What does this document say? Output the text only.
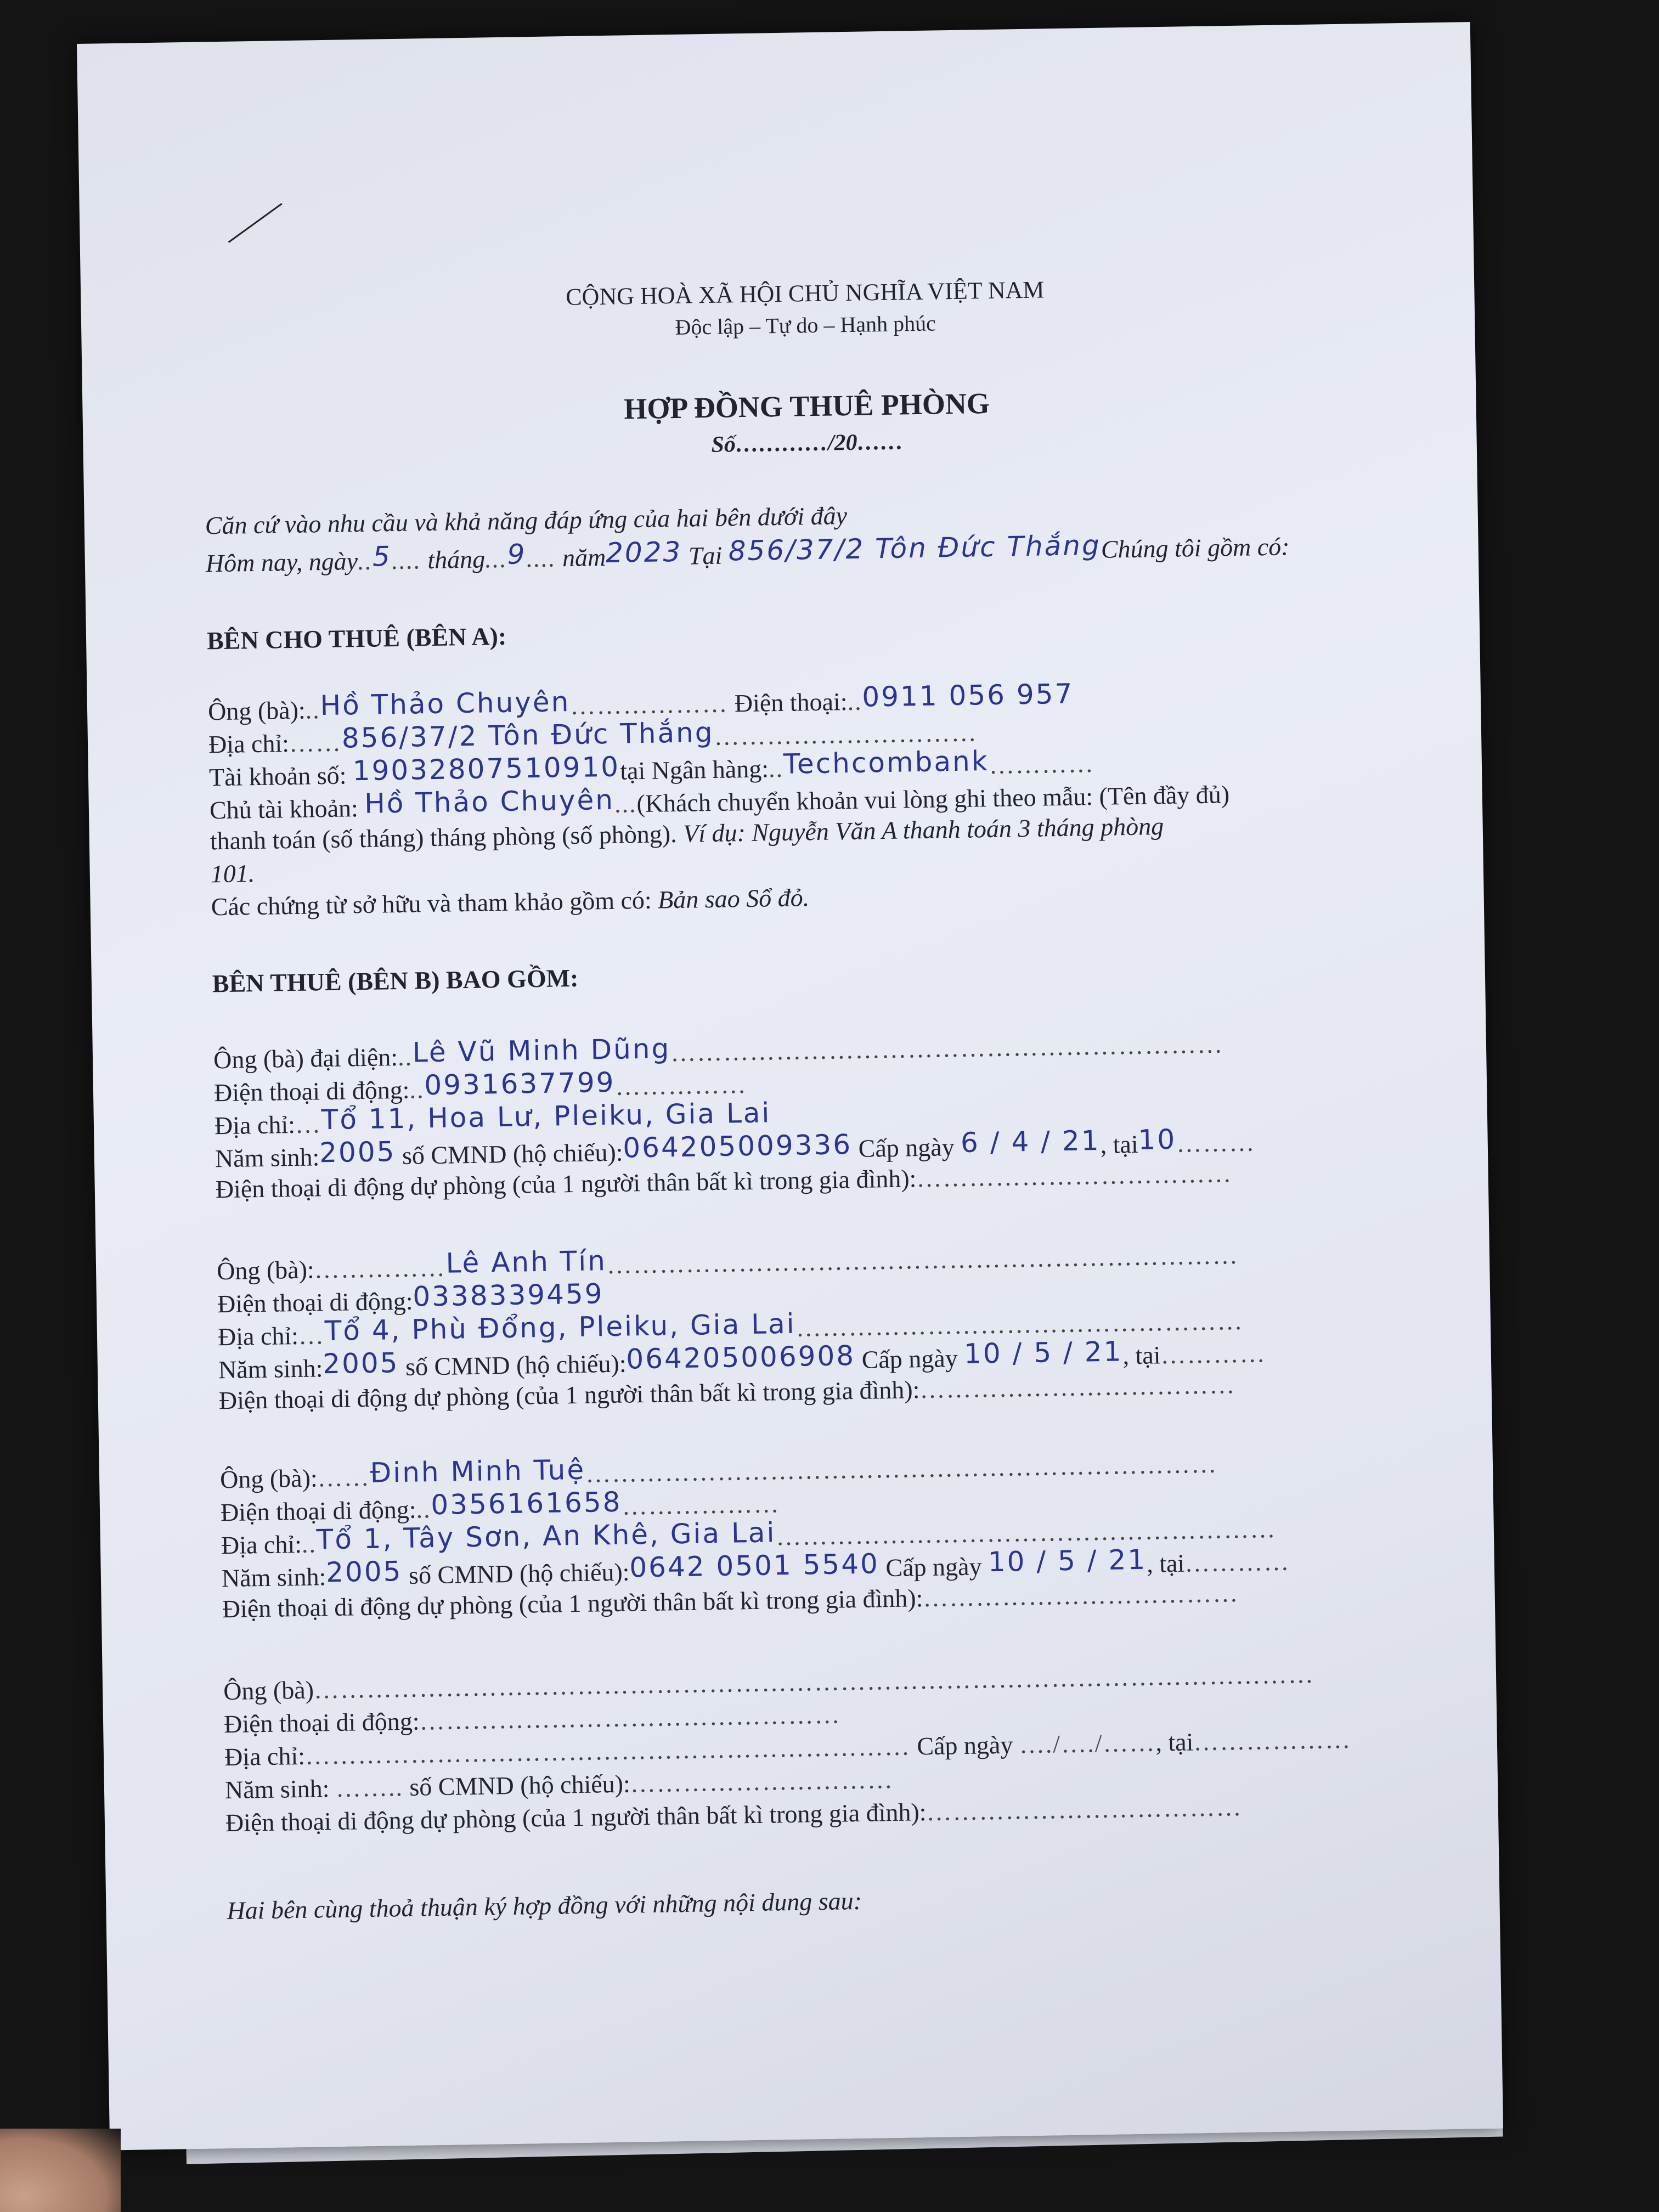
CỘNG HOÀ XÃ HỘI CHỦ NGHĨA VIỆT NAM
Độc lập – Tự do – Hạnh phúc
HỢP ĐỒNG THUÊ PHÒNG
Số…………/20……
Căn cứ vào nhu cầu và khả năng đáp ứng của hai bên dưới đây
Hôm nay, ngày..5.... tháng...9.... năm2023 Tại 856/37/2 Tôn Đức ThắngChúng tôi gồm có:
BÊN CHO THUÊ (BÊN A):
Ông (bà):..Hồ Thảo Chuyên……………… Điện thoại:..0911 056 957
Địa chỉ:……856/37/2 Tôn Đức Thắng…………………………
Tài khoản số: 19032807510910tại Ngân hàng:..Techcombank…………
Chủ tài khoản: Hồ Thảo Chuyên...(Khách chuyển khoản vui lòng ghi theo mẫu: (Tên đầy đủ)
thanh toán (số tháng) tháng phòng (số phòng). Ví dụ: Nguyễn Văn A thanh toán 3 tháng phòng
101.
Các chứng từ sở hữu và tham khảo gồm có: Bản sao Sổ đỏ.
BÊN THUÊ (BÊN B) BAO GỒM:
Ông (bà) đại diện:..Lê Vũ Minh Dũng………………………………………………………
Điện thoại di động:..0931637799……………
Địa chỉ:…Tổ 11, Hoa Lư, Pleiku, Gia Lai
Năm sinh:2005 số CMND (hộ chiếu):064205009336 Cấp ngày 6 / 4 / 21, tại10………
Điện thoại di động dự phòng (của 1 người thân bất kì trong gia đình):………………………………
Ông (bà):……………Lê Anh Tín………………………………………………………………
Điện thoại di động:0338339459
Địa chỉ:…Tổ 4, Phù Đổng, Pleiku, Gia Lai……………………………………………
Năm sinh:2005 số CMND (hộ chiếu):064205006908 Cấp ngày 10 / 5 / 21, tại…………
Điện thoại di động dự phòng (của 1 người thân bất kì trong gia đình):………………………………
Ông (bà):……Đinh Minh Tuệ………………………………………………………………
Điện thoại di động:..0356161658………………
Địa chỉ:..Tổ 1, Tây Sơn, An Khê, Gia Lai…………………………………………………
Năm sinh:2005 số CMND (hộ chiếu):0642 0501 5540 Cấp ngày 10 / 5 / 21, tại…………
Điện thoại di động dự phòng (của 1 người thân bất kì trong gia đình):………………………………
Ông (bà)……………………………………………………………………………………………………
Điện thoại di động:…………………………………………
Địa chỉ:…………………………………………………………… Cấp ngày …./…./……, tại………………
Năm sinh: …….. số CMND (hộ chiếu):…………………………
Điện thoại di động dự phòng (của 1 người thân bất kì trong gia đình):………………………………
Hai bên cùng thoả thuận ký hợp đồng với những nội dung sau:
